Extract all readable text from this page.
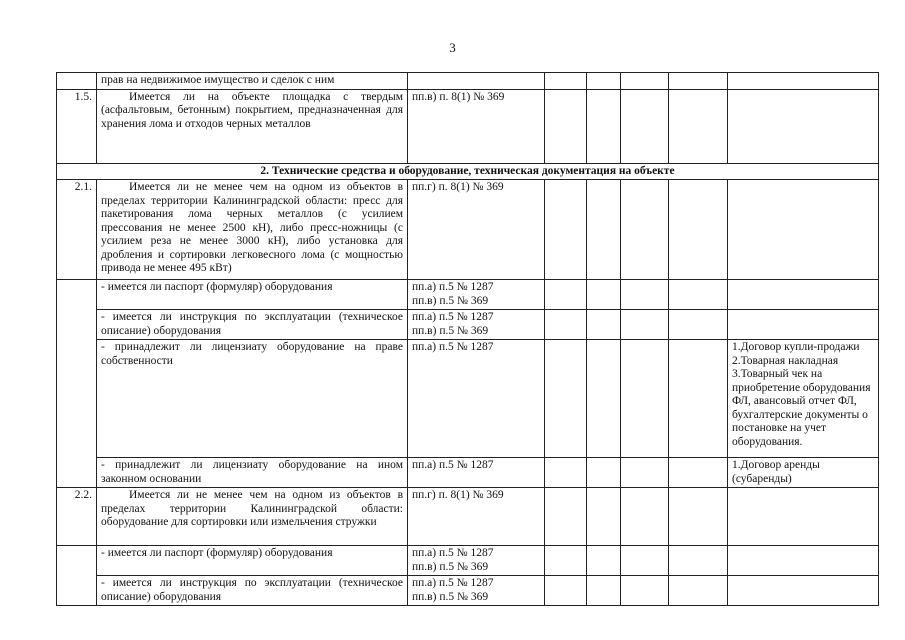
3
	прав на недвижимое имущество и сделок с ним						
1.5.	Имеется ли на объекте площадка с твердым (асфальтовым, бетонным) покрытием, предназначенная для хранения лома и отходов черных металлов	пп.в) п. 8(1) № 369					
2. Технические средства и оборудование, техническая документация на объекте							
2.1.	Имеется ли не менее чем на одном из объектов в пределах территории Калининградской области: пресс для пакетирования лома черных металлов (с усилием прессования не менее 2500 кН), либо пресс-ножницы (с усилием реза не менее 3000 кН), либо установка для дробления и сортировки легковесного лома (с мощностью привода не менее 495 кВт)	пп.г) п. 8(1) № 369					
	- имеется ли паспорт (формуляр) оборудования	пп.а) п.5 № 1287
пп.в) п.5 № 369					

	- имеется ли инструкция по эксплуатации (техническое описание) оборудования	пп.а) п.5 № 1287
пп.в) п.5 № 369					

	- принадлежит ли лицензиату оборудование на праве собственности	пп.а) п.5 № 1287					1.Договор купли-продажи
2.Товарная накладная
3.Товарный чек на приобретение оборудования ФЛ, авансовый отчет ФЛ, бухгалтерские документы о постановке на учет оборудования.

	- принадлежит ли лицензиату оборудование на ином законном основании	пп.а) п.5 № 1287					1.Договор аренды (субаренды)
2.2.	Имеется ли не менее чем на одном из объектов в пределах территории Калининградской области: оборудование для сортировки или измельчения стружки	пп.г) п. 8(1) № 369					
	- имеется ли паспорт (формуляр) оборудования	пп.а) п.5 № 1287
пп.в) п.5 № 369					

	- имеется ли инструкция по эксплуатации (техническое описание) оборудования	пп.а) п.5 № 1287
пп.в) п.5 № 369					
